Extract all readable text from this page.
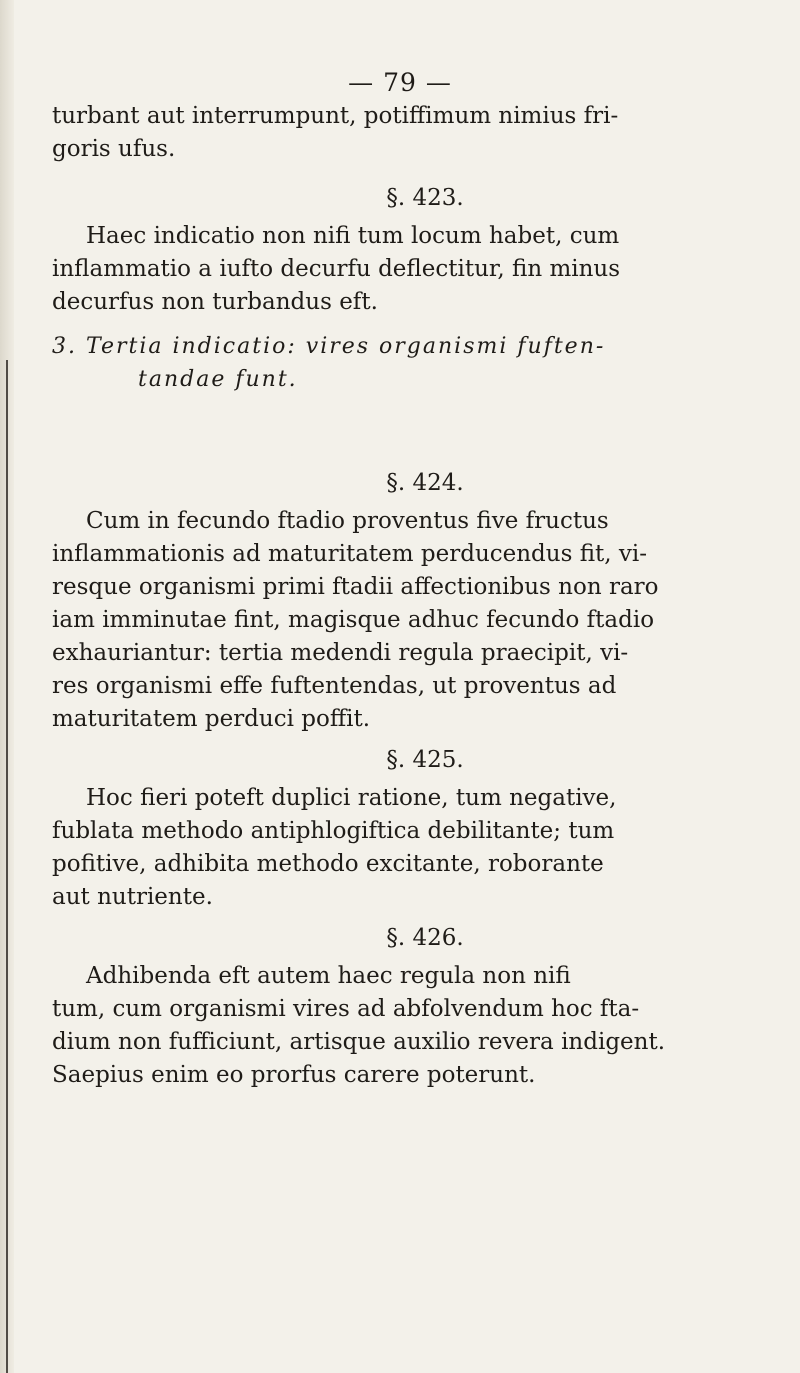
— 79 —
turbant aut interrumpunt, potiffimum nimius fri-
goris ufus.
§. 423.
Haec indicatio non nifi tum locum habet, cum
inflammatio a iufto decurfu deflectitur, fin minus
decurfus non turbandus eft.
3. Tertia indicatio: vires organismi fuften-
tandae funt.
§. 424.
Cum in fecundo ftadio proventus five fructus
inflammationis ad maturitatem perducendus fit, vi-
resque organismi primi ftadii affectionibus non raro
iam imminutae fint, magisque adhuc fecundo ftadio
exhauriantur: tertia medendi regula praecipit, vi-
res organismi effe fuftentendas, ut proventus ad
maturitatem perduci poffit.
§. 425.
Hoc fieri poteft duplici ratione, tum negative,
fublata methodo antiphlogiftica debilitante; tum
pofitive, adhibita methodo excitante, roborante
aut nutriente.
§. 426.
Adhibenda eft autem haec regula non nifi
tum, cum organismi vires ad abfolvendum hoc fta-
dium non fufficiunt, artisque auxilio revera indigent.
Saepius enim eo prorfus carere poterunt.
